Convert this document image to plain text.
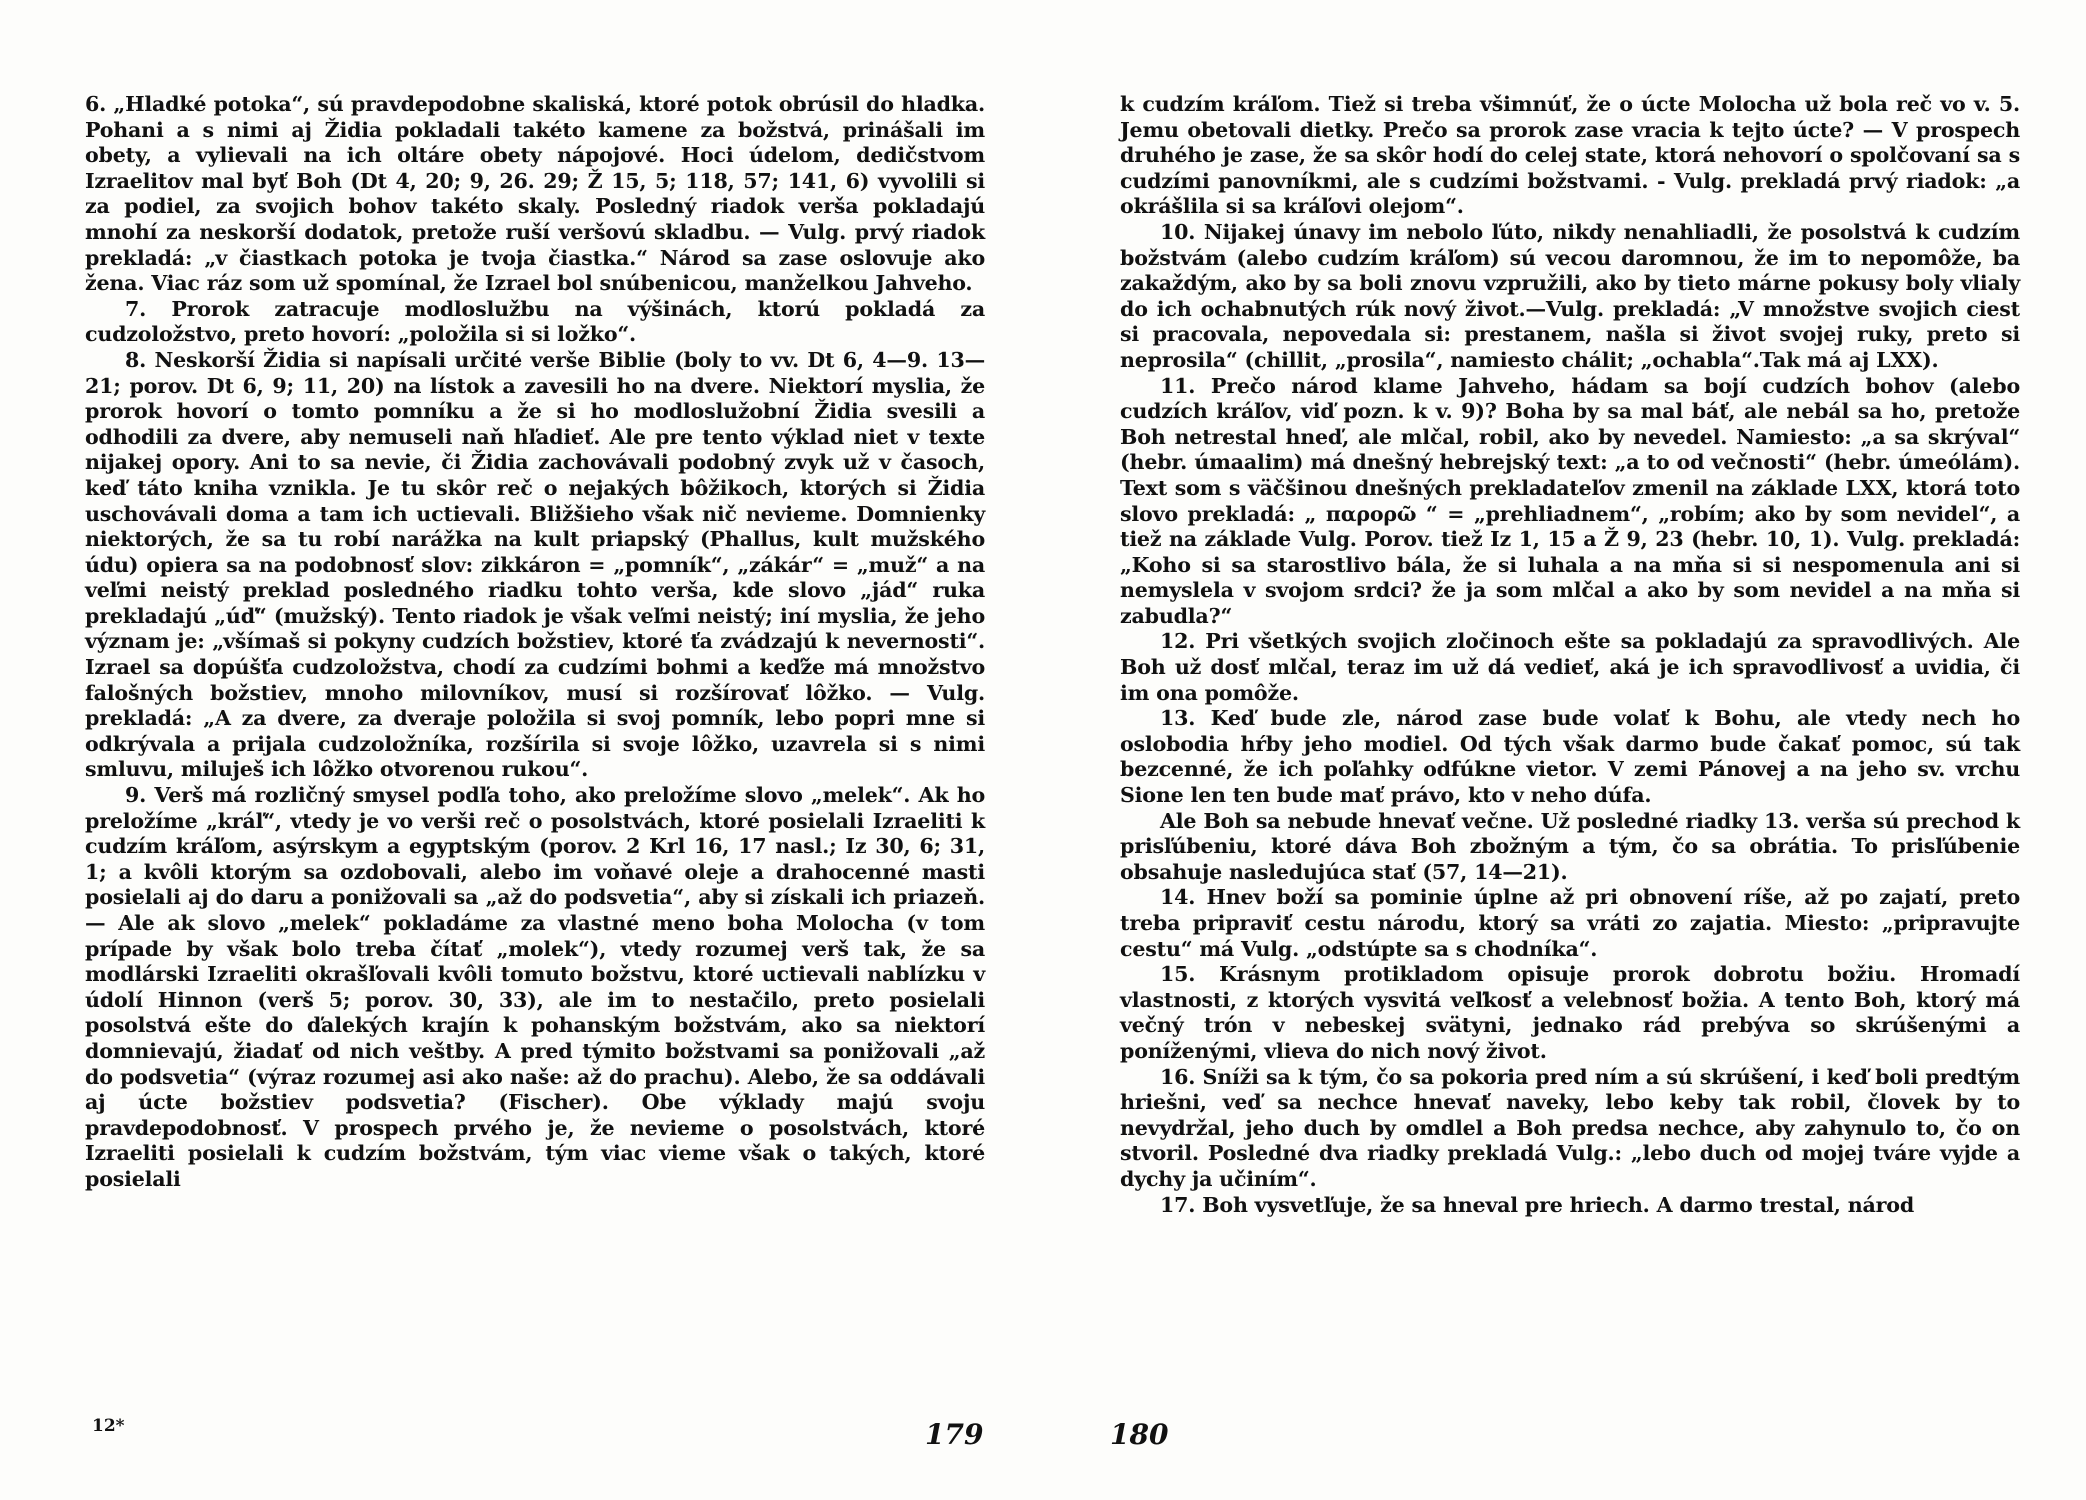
6. „Hladké potoka“, sú pravdepodobne skaliská, ktoré potok obrúsil do hladka. Pohani a s nimi aj Židia pokladali takéto kamene za božstvá, prinášali im obety, a vylievali na ich oltáre obety nápojové. Hoci údelom, dedičstvom Izraelitov mal byť Boh (Dt 4, 20; 9, 26. 29; Ž 15, 5; 118, 57; 141, 6) vyvolili si za podiel, za svojich bohov takéto skaly. Posledný riadok verša pokladajú mnohí za neskorší dodatok, pretože ruší veršovú skladbu. — Vulg. prvý riadok prekladá: „v čiastkach potoka je tvoja čiastka.“ Národ sa zase oslovuje ako žena. Viac ráz som už spomínal, že Izrael bol snúbenicou, manželkou Jahveho.

7. Prorok zatracuje modloslužbu na výšinách, ktorú pokladá za cudzoložstvo, preto hovorí: „položila si si ložko“.

8. Neskorší Židia si napísali určité verše Biblie (boly to vv. Dt 6, 4—9. 13—21; porov. Dt 6, 9; 11, 20) na lístok a zavesili ho na dvere. Niektorí myslia, že prorok hovorí o tomto pomníku a že si ho modloslužobní Židia svesili a odhodili za dvere, aby nemuseli naň hľadieť. Ale pre tento výklad niet v texte nijakej opory. Ani to sa nevie, či Židia zachovávali podobný zvyk už v časoch, keď táto kniha vznikla. Je tu skôr reč o nejakých bôžikoch, ktorých si Židia uschovávali doma a tam ich uctievali. Bližšieho však nič nevieme. Domnienky niektorých, že sa tu robí narážka na kult priapský (Phallus, kult mužského údu) opiera sa na podobnosť slov: zikkáron = „pomník“, „zákár“ = „muž“ a na veľmi neistý preklad posledného riadku tohto verša, kde slovo „jád“ ruka prekladajú „úď“ (mužský). Tento riadok je však veľmi neistý; iní myslia, že jeho význam je: „všímaš si pokyny cudzích božstiev, ktoré ťa zvádzajú k nevernosti“. Izrael sa dopúšťa cudzoložstva, chodí za cudzími bohmi a keďže má množstvo falošných božstiev, mnoho milovníkov, musí si rozšírovať lôžko. — Vulg. prekladá: „A za dvere, za dveraje položila si svoj pomník, lebo popri mne si odkrývala a prijala cudzoložníka, rozšírila si svoje lôžko, uzavrela si s nimi smluvu, miluješ ich lôžko otvorenou rukou“.

9. Verš má rozličný smysel podľa toho, ako preložíme slovo „melek“. Ak ho preložíme „kráľ“, vtedy je vo verši reč o posolstvách, ktoré posielali Izraeliti k cudzím kráľom, asýrskym a egyptským (porov. 2 Krl 16, 17 nasl.; Iz 30, 6; 31, 1; a kvôli ktorým sa ozdobovali, alebo im voňavé oleje a drahocenné masti posielali aj do daru a ponižovali sa „až do podsvetia“, aby si získali ich priazeň. — Ale ak slovo „melek“ pokladáme za vlastné meno boha Molocha (v tom prípade by však bolo treba čítať „molek“), vtedy rozumej verš tak, že sa modlárski Izraeliti okrašľovali kvôli tomuto božstvu, ktoré uctievali nablízku v údolí Hinnon (verš 5; porov. 30, 33), ale im to nestačilo, preto posielali posolstvá ešte do ďalekých krajín k pohanským božstvám, ako sa niektorí domnievajú, žiadať od nich veštby. A pred týmito božstvami sa ponižovali „až do podsvetia“ (výraz rozumej asi ako naše: až do prachu). Alebo, že sa oddávali aj úcte božstiev podsvetia? (Fischer). Obe výklady majú svoju pravdepodobnosť. V prospech prvého je, že nevieme o posolstvách, ktoré Izraeliti posielali k cudzím božstvám, tým viac vieme však o takých, ktoré posielali

k cudzím kráľom. Tiež si treba všimnúť, že o úcte Molocha už bola reč vo v. 5. Jemu obetovali dietky. Prečo sa prorok zase vracia k tejto úcte? — V prospech druhého je zase, že sa skôr hodí do celej state, ktorá nehovorí o spolčovaní sa s cudzími panovníkmi, ale s cudzími božstvami. - Vulg. prekladá prvý riadok: „a okrášlila si sa kráľovi olejom“.

10. Nijakej únavy im nebolo ľúto, nikdy nenahliadli, že posolstvá k cudzím božstvám (alebo cudzím kráľom) sú vecou daromnou, že im to nepomôže, ba zakaždým, ako by sa boli znovu vzpružili, ako by tieto márne pokusy boly vlialy do ich ochabnutých rúk nový život.—Vulg. prekladá: „V množstve svojich ciest si pracovala, nepovedala si: prestanem, našla si život svojej ruky, preto si neprosila“ (chillit, „prosila“, namiesto chálit; „ochabla“.Tak má aj LXX).

11. Prečo národ klame Jahveho, hádam sa bojí cudzích bohov (alebo cudzích kráľov, viď pozn. k v. 9)? Boha by sa mal báť, ale nebál sa ho, pretože Boh netrestal hneď, ale mlčal, robil, ako by nevedel. Namiesto: „a sa skrýval“ (hebr. úmaalim) má dnešný hebrejský text: „a to od večnosti“ (hebr. úmeólám). Text som s väčšinou dnešných prekladateľov zmenil na základe LXX, ktorá toto slovo prekladá: „ παρορῶ “ = „prehliadnem“, „robím; ako by som nevidel“, a tiež na základe Vulg. Porov. tiež Iz 1, 15 a Ž 9, 23 (hebr. 10, 1). Vulg. prekladá: „Koho si sa starostlivo bála, že si luhala a na mňa si si nespomenula ani si nemyslela v svojom srdci? že ja som mlčal a ako by som nevidel a na mňa si zabudla?“

12. Pri všetkých svojich zločinoch ešte sa pokladajú za spravodlivých. Ale Boh už dosť mlčal, teraz im už dá vedieť, aká je ich spravodlivosť a uvidia, či im ona pomôže.

13. Keď bude zle, národ zase bude volať k Bohu, ale vtedy nech ho oslobodia hŕby jeho modiel. Od tých však darmo bude čakať pomoc, sú tak bezcenné, že ich poľahky odfúkne vietor. V zemi Pánovej a na jeho sv. vrchu Sione len ten bude mať právo, kto v neho dúfa.

Ale Boh sa nebude hnevať večne. Už posledné riadky 13. verša sú prechod k prisľúbeniu, ktoré dáva Boh zbožným a tým, čo sa obrátia. To prisľúbenie obsahuje nasledujúca stať (57, 14—21).

14. Hnev boží sa pominie úplne až pri obnovení ríše, až po zajatí, preto treba pripraviť cestu národu, ktorý sa vráti zo zajatia. Miesto: „pripravujte cestu“ má Vulg. „odstúpte sa s chodníka“.

15. Krásnym protikladom opisuje prorok dobrotu božiu. Hromadí vlastnosti, z ktorých vysvitá veľkosť a velebnosť božia. A tento Boh, ktorý má večný trón v nebeskej svätyni, jednako rád prebýva so skrúšenými a poníženými, vlieva do nich nový život.

16. Sníži sa k tým, čo sa pokoria pred ním a sú skrúšení, i keď boli predtým hriešni, veď sa nechce hnevať naveky, lebo keby tak robil, človek by to nevydržal, jeho duch by omdlel a Boh predsa nechce, aby zahynulo to, čo on stvoril. Posledné dva riadky prekladá Vulg.: „lebo duch od mojej tváre vyjde a dychy ja učiním“.

17. Boh vysvetľuje, že sa hneval pre hriech. A darmo trestal, národ

12*	179	180
